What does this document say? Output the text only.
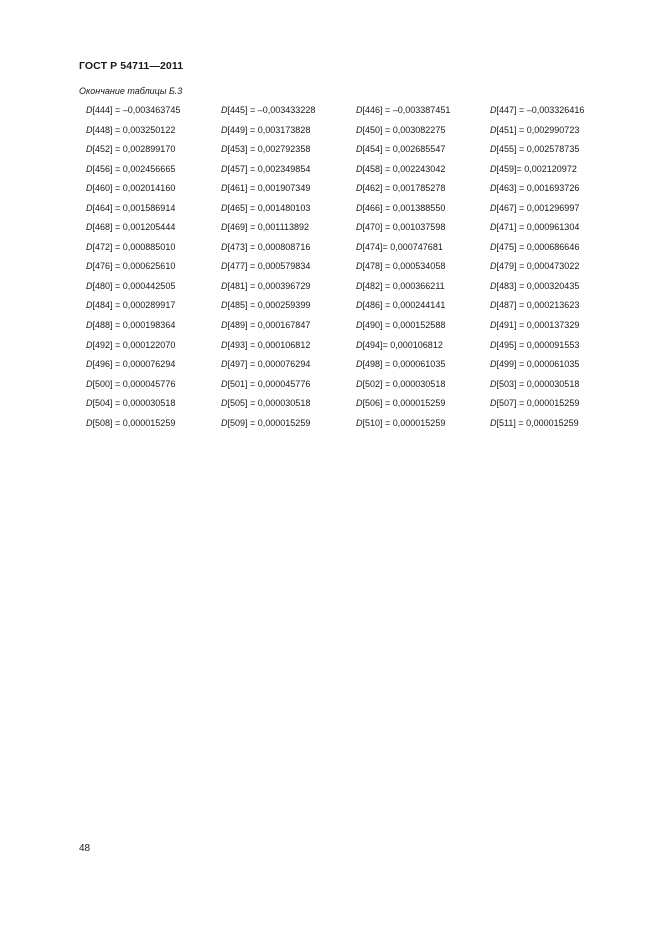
ГОСТ Р 54711—2011
Окончание таблицы Б.3
D[444] = –0,003463745	D[445] = –0,003433228	D[446] = –0,003387451	D[447] = –0,003326416
D[448] = 0,003250122	D[449] = 0,003173828	D[450] = 0,003082275	D[451] = 0,002990723
D[452] = 0,002899170	D[453] = 0,002792358	D[454] = 0,002685547	D[455] = 0,002578735
D[456] = 0,002456665	D[457] = 0,002349854	D[458] = 0,002243042	D[459]= 0,002120972
D[460] = 0,002014160	D[461] = 0,001907349	D[462] = 0,001785278	D[463] = 0,001693726
D[464] = 0,001586914	D[465] = 0,001480103	D[466] = 0,001388550	D[467] = 0,001296997
D[468] = 0,001205444	D[469] = 0,001113892	D[470] = 0,001037598	D[471] = 0,000961304
D[472] = 0,000885010	D[473] = 0,000808716	D[474]= 0,000747681	D[475] = 0,000686646
D[476] = 0,000625610	D[477] = 0,000579834	D[478] = 0,000534058	D[479] = 0,000473022
D[480] = 0,000442505	D[481] = 0,000396729	D[482] = 0,000366211	D[483] = 0,000320435
D[484] = 0,000289917	D[485] = 0,000259399	D[486] = 0,000244141	D[487] = 0,000213623
D[488] = 0,000198364	D[489] = 0,000167847	D[490] = 0,000152588	D[491] = 0,000137329
D[492] = 0,000122070	D[493] = 0,000106812	D[494]= 0,000106812	D[495] = 0,000091553
D[496] = 0,000076294	D[497] = 0,000076294	D[498] = 0,000061035	D[499] = 0,000061035
D[500] = 0,000045776	D[501] = 0,000045776	D[502] = 0,000030518	D[503] = 0,000030518
D[504] = 0,000030518	D[505] = 0,000030518	D[506] = 0,000015259	D[507] = 0,000015259
D[508] = 0,000015259	D[509] = 0,000015259	D[510] = 0,000015259	D[511] = 0,000015259
48
